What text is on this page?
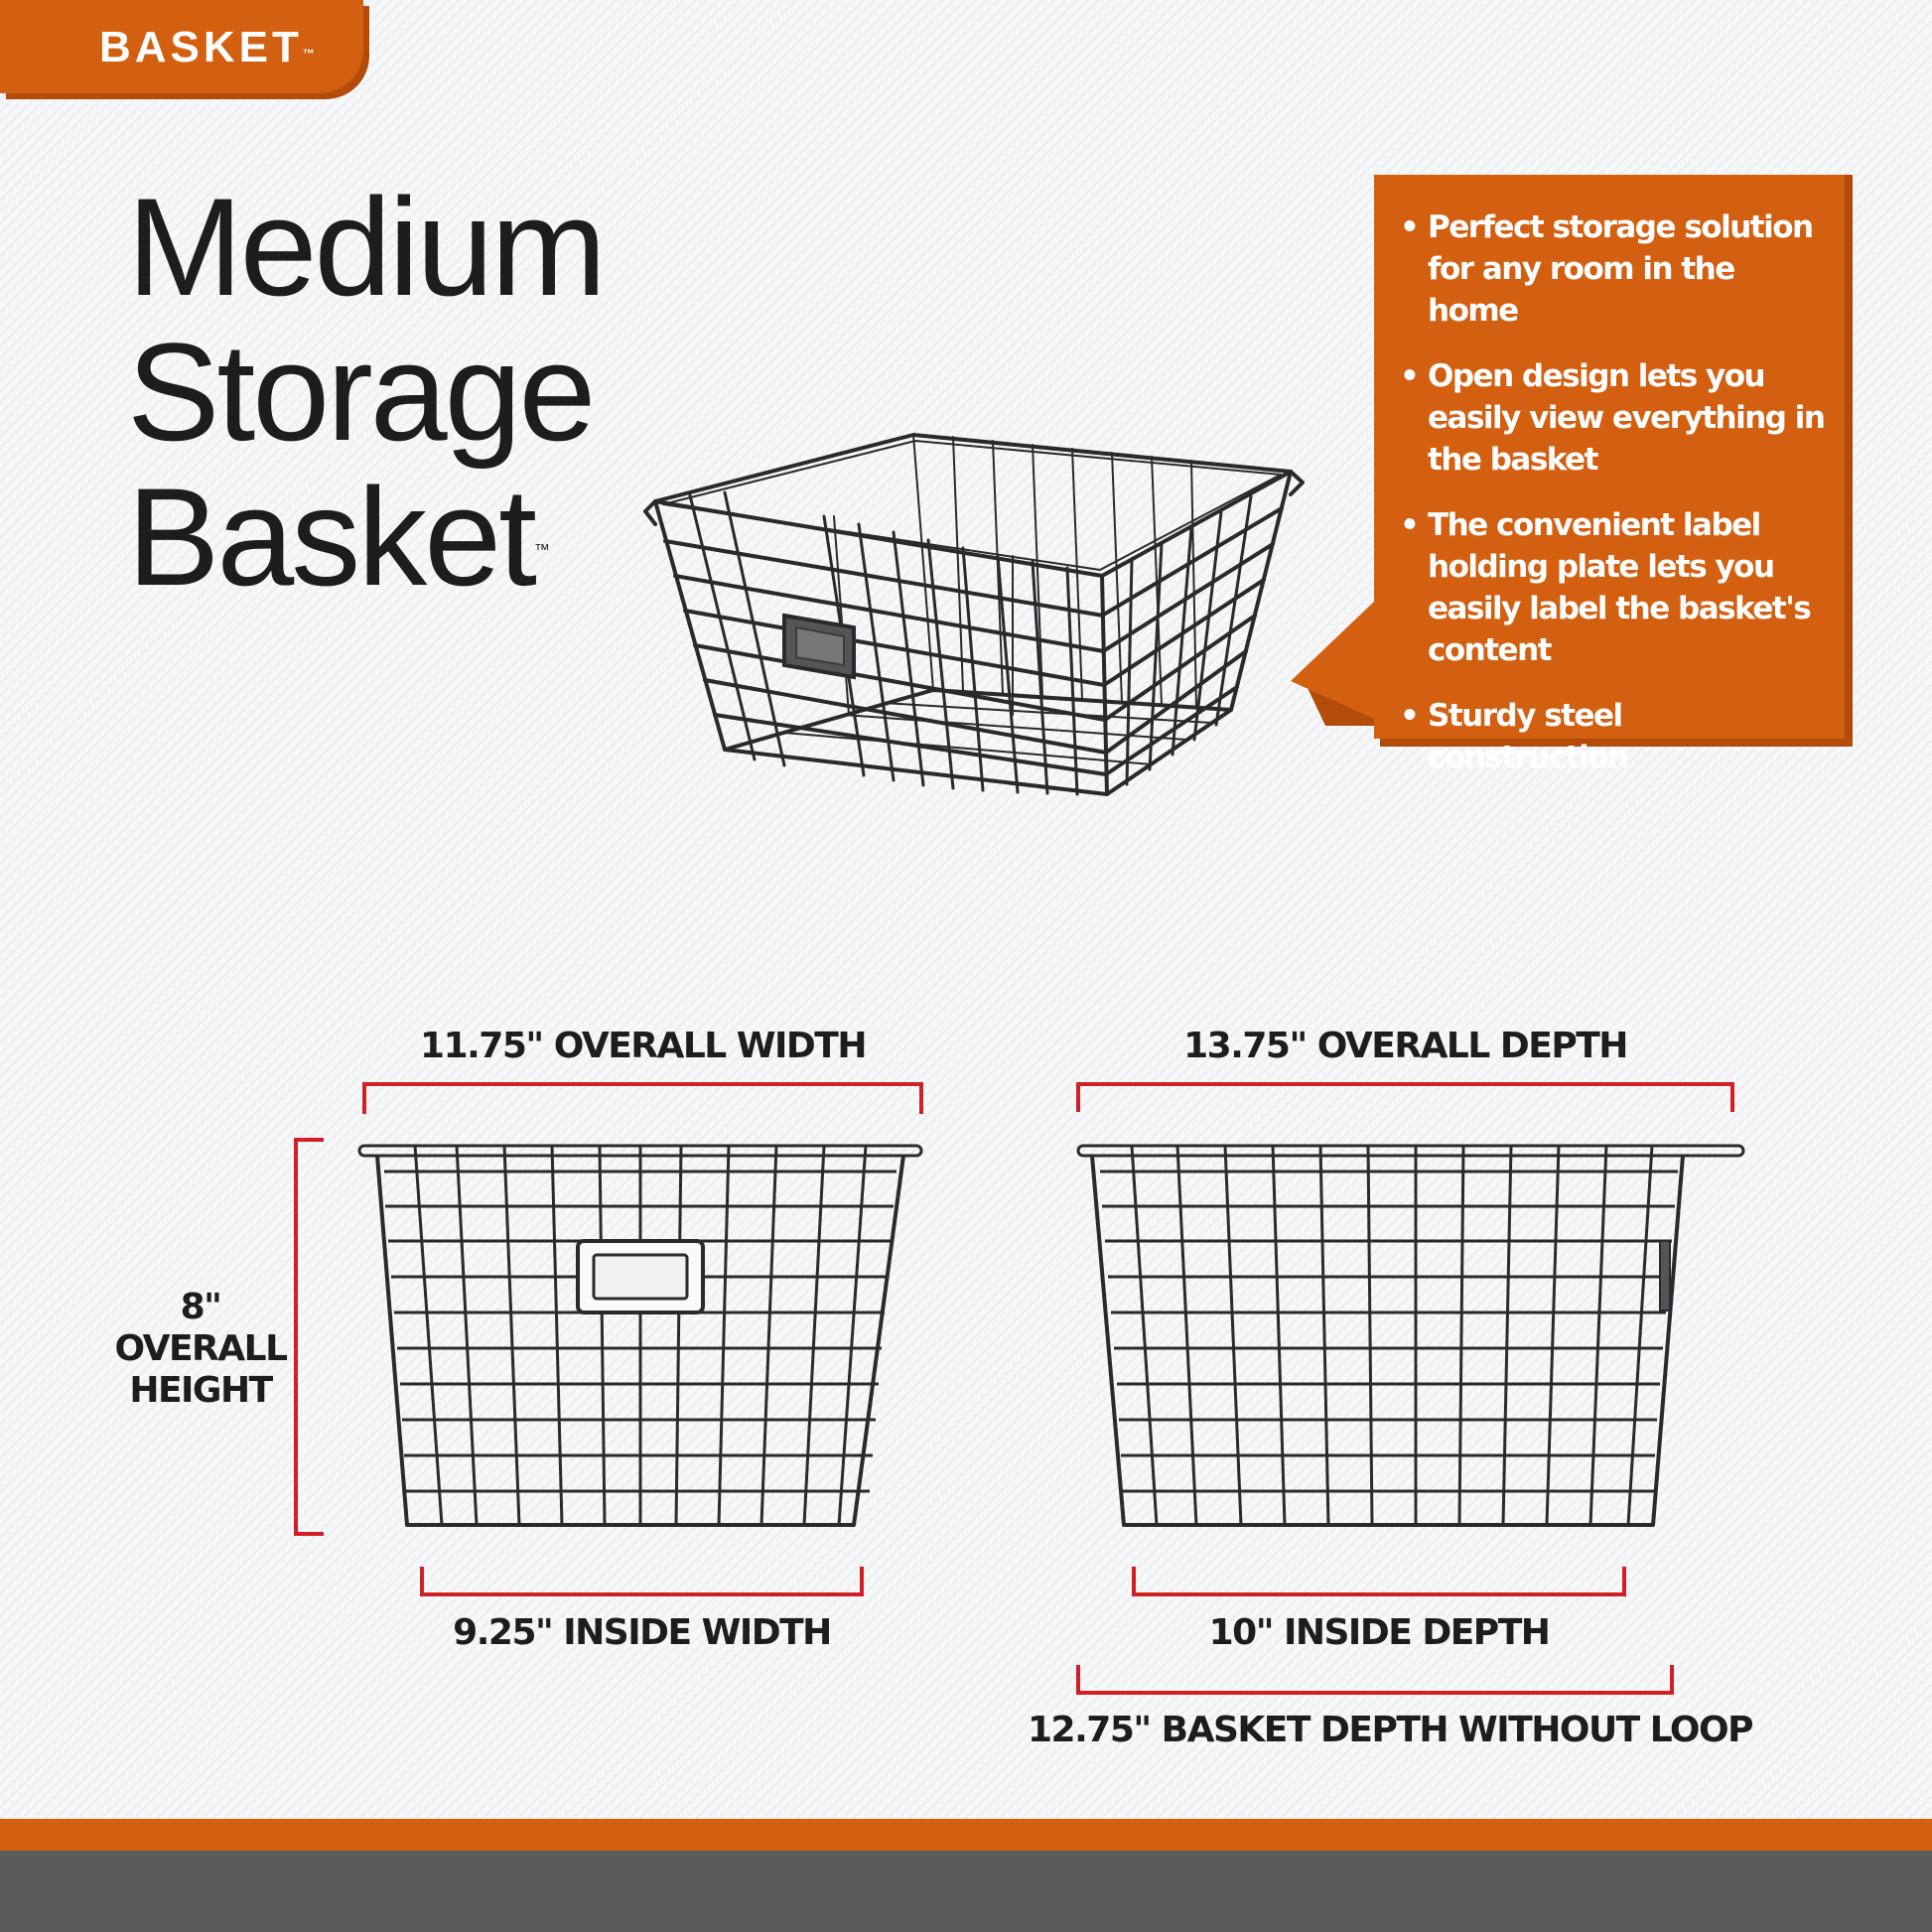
BASKET™
Medium
Storage
Basket™
• Perfect storage solution for any room in the home
• Open design lets you easily view everything in the basket
• The convenient label holding plate lets you easily label the basket's content
• Sturdy steel construction
11.75" OVERALL WIDTH
9.25" INSIDE WIDTH
8"
OVERALL
HEIGHT
13.75" OVERALL DEPTH
10" INSIDE DEPTH
12.75" BASKET DEPTH WITHOUT LOOP
